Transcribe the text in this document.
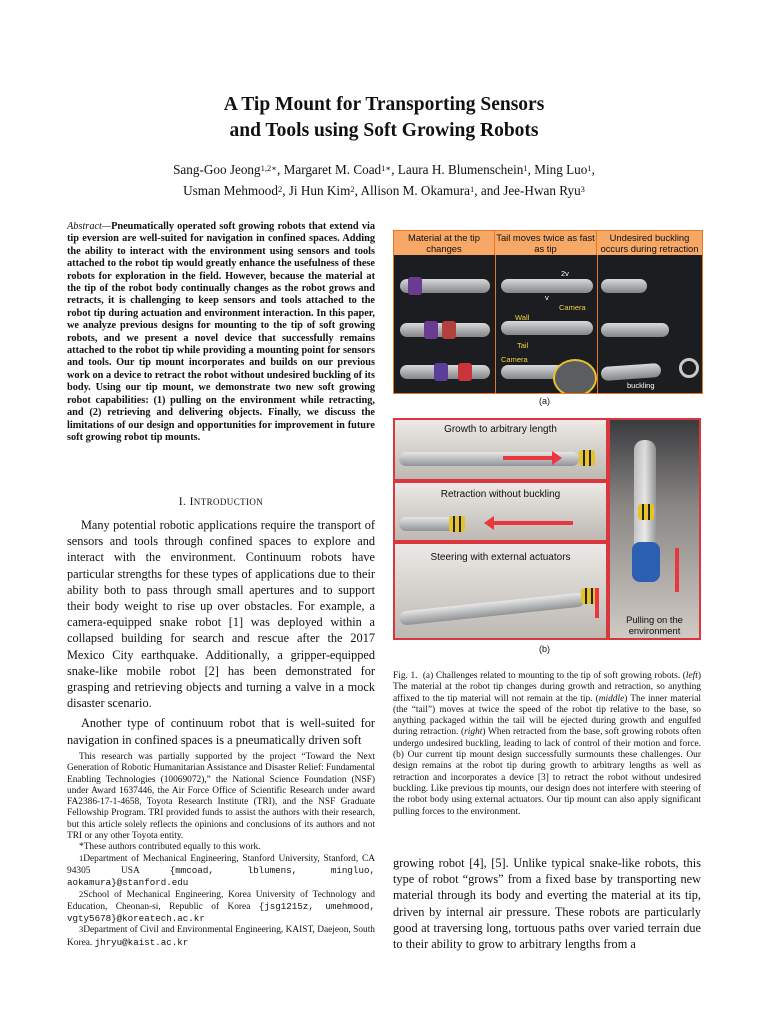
A Tip Mount for Transporting Sensors
and Tools using Soft Growing Robots
Sang-Goo Jeong$^{1,2∗}$, Margaret M. Coad$^{1∗}$, Laura H. Blumenschein$^1$, Ming Luo$^1$,
Usman Mehmood$^2$, Ji Hun Kim$^2$, Allison M. Okamura$^1$, and Jee-Hwan Ryu$^3$
Abstract—Pneumatically operated soft growing robots that extend via tip eversion are well-suited for navigation in confined spaces. Adding the ability to interact with the environment using sensors and tools attached to the robot tip would greatly enhance the usefulness of these robots for exploration in the field. However, because the material at the tip of the robot body continually changes as the robot grows and retracts, it is challenging to keep sensors and tools attached to the robot tip during actuation and environment interaction. In this paper, we analyze previous designs for mounting to the tip of soft growing robots, and we present a novel device that successfully remains attached to the robot tip while providing a mounting point for sensors and tools. Our tip mount incorporates and builds on our previous work on a device to retract the robot without undesired buckling of its body. Using our tip mount, we demonstrate two new soft growing robot capabilities: (1) pulling on the environment while retracting, and (2) retrieving and delivering objects. Finally, we discuss the limitations of our design and opportunities for improvement in future soft growing robot tip mounts.
I. INTRODUCTION

Many potential robotic applications require the transport of sensors and tools through confined spaces to explore and interact with the environment. Continuum robots have particular strengths for these types of applications due to their ability both to pass through small apertures and to support their body weight to rise up over obstacles. For example, a camera-equipped snake robot [1] was deployed within a collapsed building for search and rescue after the 2017 Mexico City earthquake. Additionally, a gripper-equipped snake-like mobile robot [2] has been demonstrated for grasping and retrieving objects and turning a valve in a mock disaster scenario.

Another type of continuum robot that is well-suited for navigation in confined spaces is a pneumatically driven soft

This research was partially supported by the project “Toward the Next Generation of Robotic Humanitarian Assistance and Disaster Relief: Fundamental Enabling Technologies (10069072),” the National Science Foundation (NSF) under Award 1637446, the Air Force Office of Scientific Research under award FA2386-17-1-4658, Toyota Research Institute (TRI), and the NSF Graduate Fellowship Program. TRI provided funds to assist the authors with their research, but this article solely reflects the opinions and conclusions of its authors and not TRI or any other Toyota entity.

*These authors contributed equally to this work.

$^1$Department of Mechanical Engineering, Stanford University, Stanford, CA 94305 USA {mmcoad, lblumens, mingluo, aokamura}@stanford.edu

$^2$School of Mechanical Engineering, Korea University of Technology and Education, Cheonan-si, Republic of Korea {jsg1215z, umehmood, vgty5678}@koreatech.ac.kr

$^3$Department of Civil and Environmental Engineering, KAIST, Daejeon, South Korea. jhryu@kaist.ac.kr

Material at the tip changes
Tail moves twice as fast as tip
Undesired buckling occurs during retraction
2v
v
Camera
Wall
Tail
Camera
buckling
(a)
Growth to arbitrary length
Retraction without buckling
Steering with external actuators
Pulling on the environment
(b)
Fig. 1. (a) Challenges related to mounting to the tip of soft growing robots. (left) The material at the robot tip changes during growth and retraction, so anything affixed to the tip material will not remain at the tip. (middle) The inner material (the “tail”) moves at twice the speed of the robot tip relative to the base, so anything packaged within the tail will be ejected during growth and engulfed during retraction. (right) When retracted from the base, soft growing robots often undergo undesired buckling, leading to lack of control of their motion and force. (b) Our current tip mount design successfully surmounts these challenges. Our design remains at the robot tip during growth to arbitrary lengths as well as retraction and incorporates a device [3] to retract the robot without undesired buckling. Like previous tip mounts, our design does not interfere with steering of the robot body using external actuators. Our tip mount can also apply significant pulling forces to the environment.

growing robot [4], [5]. Unlike typical snake-like robots, this type of robot “grows” from a fixed base by transporting new material through its body and everting the material at its tip, driven by internal air pressure. These robots are particularly good at traversing long, tortuous paths over varied terrain due to their ability to grow to arbitrary lengths from a
